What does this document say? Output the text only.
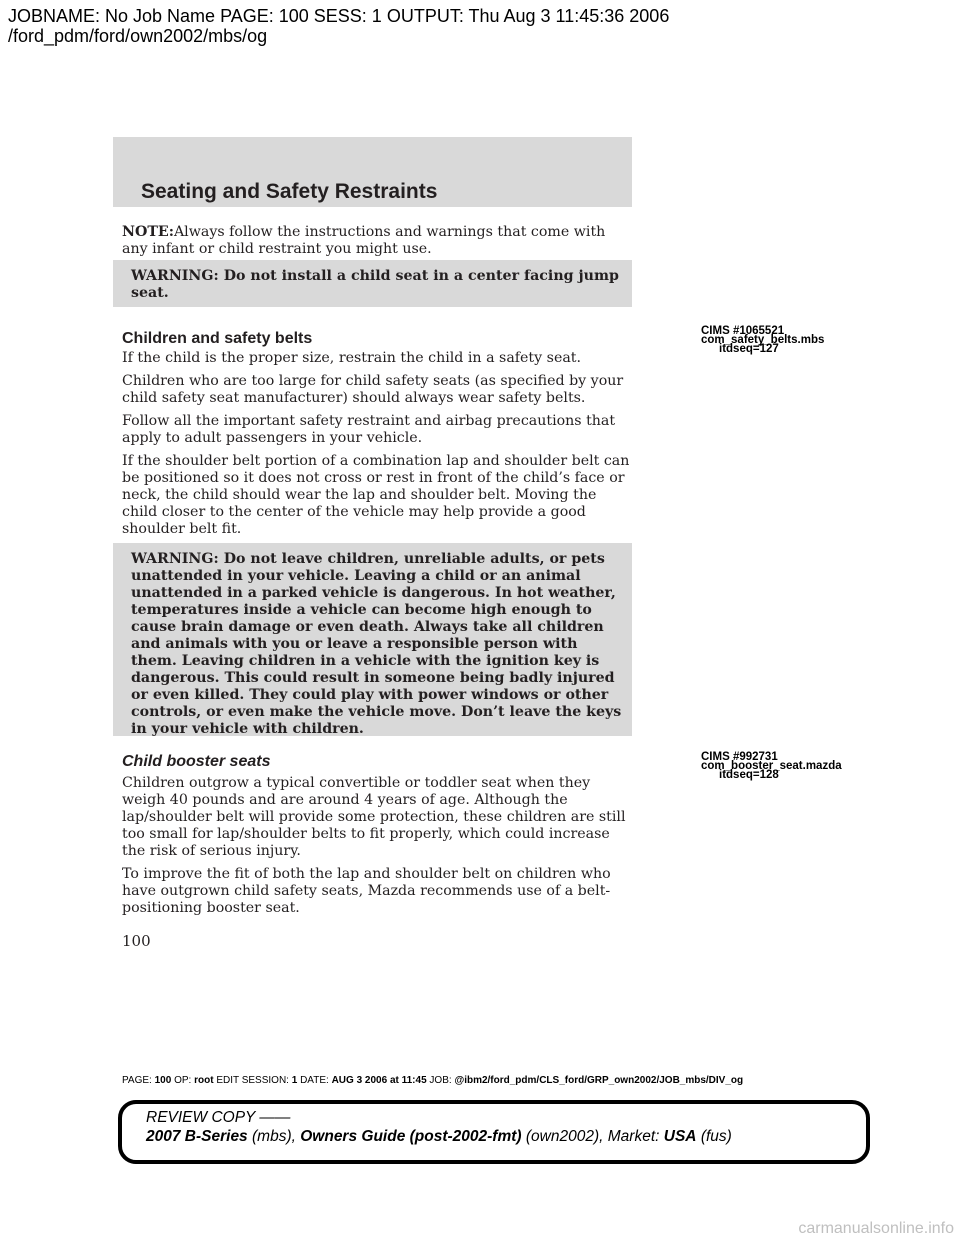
JOBNAME: No Job Name PAGE: 100 SESS: 1 OUTPUT: Thu Aug 3 11:45:36 2006
/ford_pdm/ford/own2002/mbs/og
Seating and Safety Restraints
NOTE:Always follow the instructions and warnings that come with any infant or child restraint you might use.
WARNING: Do not install a child seat in a center facing jump seat.
Children and safety belts

If the child is the proper size, restrain the child in a safety seat.

Children who are too large for child safety seats (as specified by your child safety seat manufacturer) should always wear safety belts.

Follow all the important safety restraint and airbag precautions that apply to adult passengers in your vehicle.

If the shoulder belt portion of a combination lap and shoulder belt can be positioned so it does not cross or rest in front of the child’s face or neck, the child should wear the lap and shoulder belt. Moving the child closer to the center of the vehicle may help provide a good shoulder belt fit.

CIMS #1065521
com_safety_belts.mbs
itdseq=127
WARNING: Do not leave children, unreliable adults, or pets unattended in your vehicle. Leaving a child or an animal unattended in a parked vehicle is dangerous. In hot weather, temperatures inside a vehicle can become high enough to cause brain damage or even death. Always take all children and animals with you or leave a responsible person with them. Leaving children in a vehicle with the ignition key is dangerous. This could result in someone being badly injured or even killed. They could play with power windows or other controls, or even make the vehicle move. Don’t leave the keys in your vehicle with children.
Child booster seats

Children outgrow a typical convertible or toddler seat when they weigh 40 pounds and are around 4 years of age. Although the lap/shoulder belt will provide some protection, these children are still too small for lap/shoulder belts to fit properly, which could increase the risk of serious injury.

To improve the fit of both the lap and shoulder belt on children who have outgrown child safety seats, Mazda recommends use of a belt-positioning booster seat.

CIMS #992731
com_booster_seat.mazda
itdseq=128
100
PAGE: 100 OP: root EDIT SESSION: 1 DATE: AUG 3 2006 at 11:45 JOB: @ibm2/ford_pdm/CLS_ford/GRP_own2002/JOB_mbs/DIV_og
REVIEW COPY ——
2007 B-Series (mbs), Owners Guide (post-2002-fmt) (own2002), Market: USA (fus)
carmanualsonline.info
